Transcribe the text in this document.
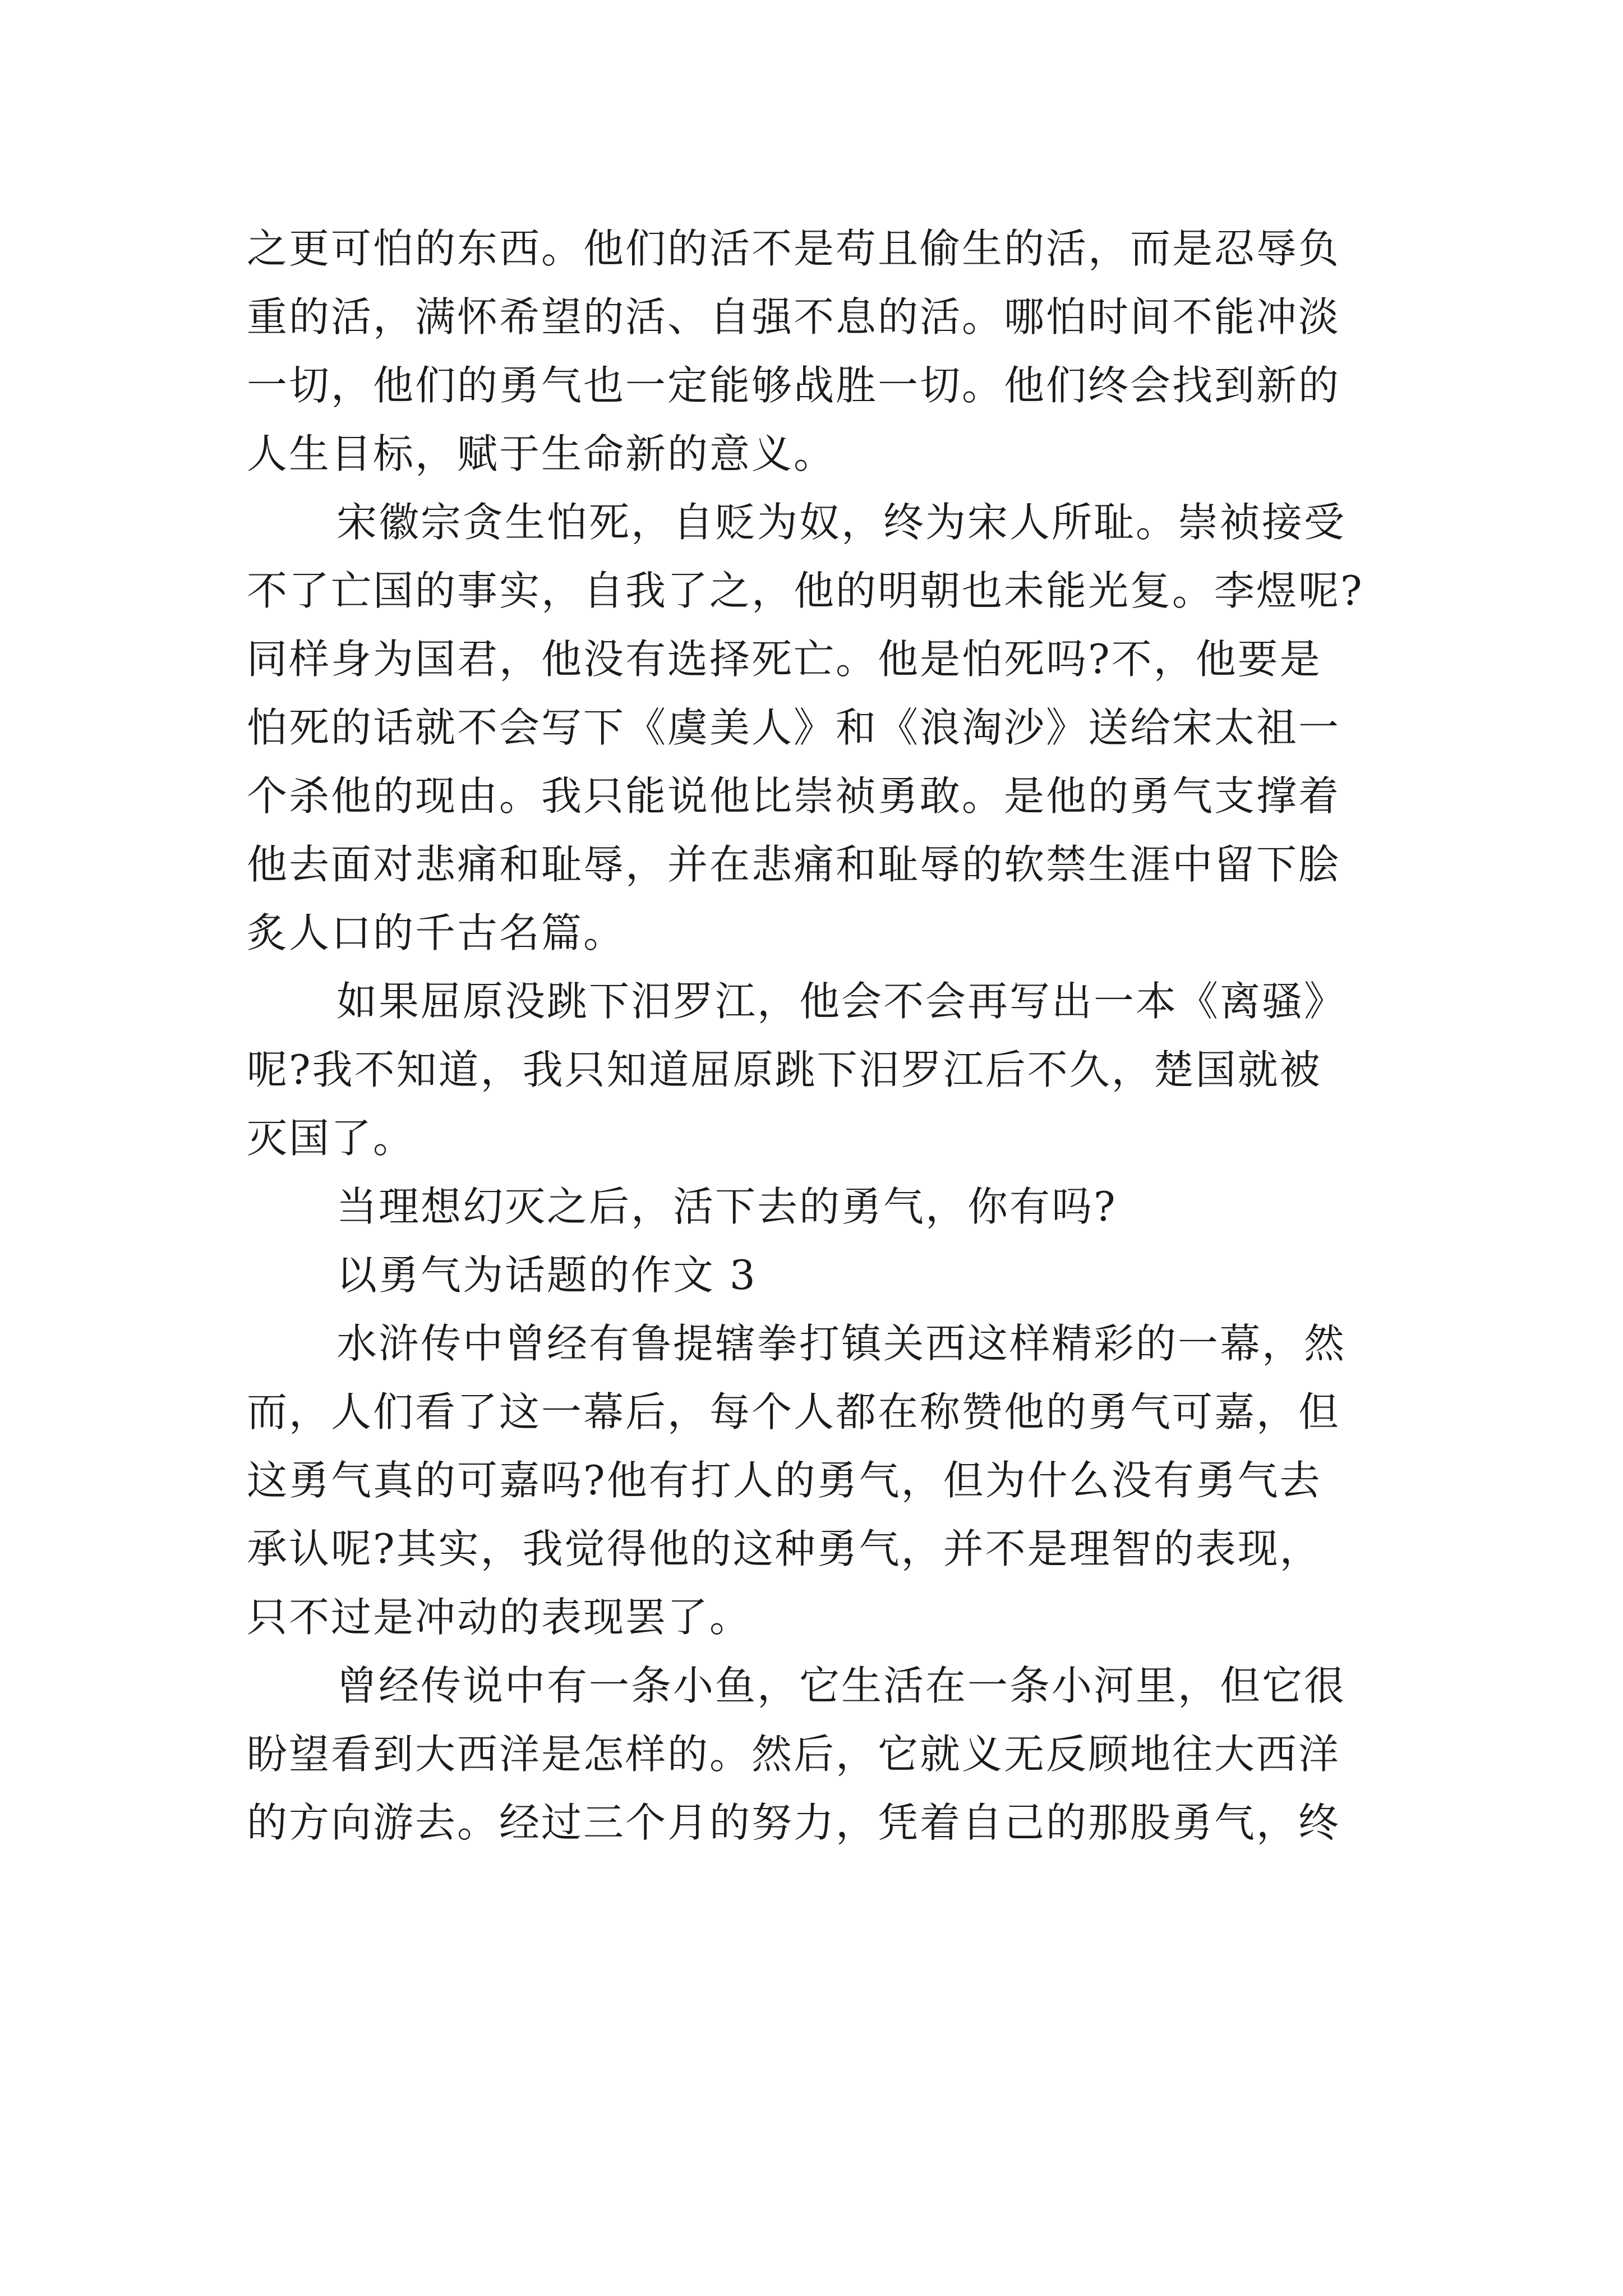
之更可怕的东西。他们的活不是苟且偷生的活，而是忍辱负
重的活，满怀希望的活、自强不息的活。哪怕时间不能冲淡
一切，他们的勇气也一定能够战胜一切。他们终会找到新的
人生目标，赋于生命新的意义。
宋徽宗贪生怕死，自贬为奴，终为宋人所耻。崇祯接受
不了亡国的事实，自我了之，他的明朝也未能光复。李煜呢?
同样身为国君，他没有选择死亡。他是怕死吗?不，他要是
怕死的话就不会写下《虞美人》和《浪淘沙》送给宋太祖一
个杀他的现由。我只能说他比崇祯勇敢。是他的勇气支撑着
他去面对悲痛和耻辱，并在悲痛和耻辱的软禁生涯中留下脍
炙人口的千古名篇。
如果屈原没跳下汨罗江，他会不会再写出一本《离骚》
呢?我不知道，我只知道屈原跳下汨罗江后不久，楚国就被
灭国了。
当理想幻灭之后，活下去的勇气，你有吗?
以勇气为话题的作文 3
水浒传中曾经有鲁提辖拳打镇关西这样精彩的一幕，然
而，人们看了这一幕后，每个人都在称赞他的勇气可嘉，但
这勇气真的可嘉吗?他有打人的勇气，但为什么没有勇气去
承认呢?其实，我觉得他的这种勇气，并不是理智的表现，
只不过是冲动的表现罢了。
曾经传说中有一条小鱼，它生活在一条小河里，但它很
盼望看到大西洋是怎样的。然后，它就义无反顾地往大西洋
的方向游去。经过三个月的努力，凭着自己的那股勇气，终
